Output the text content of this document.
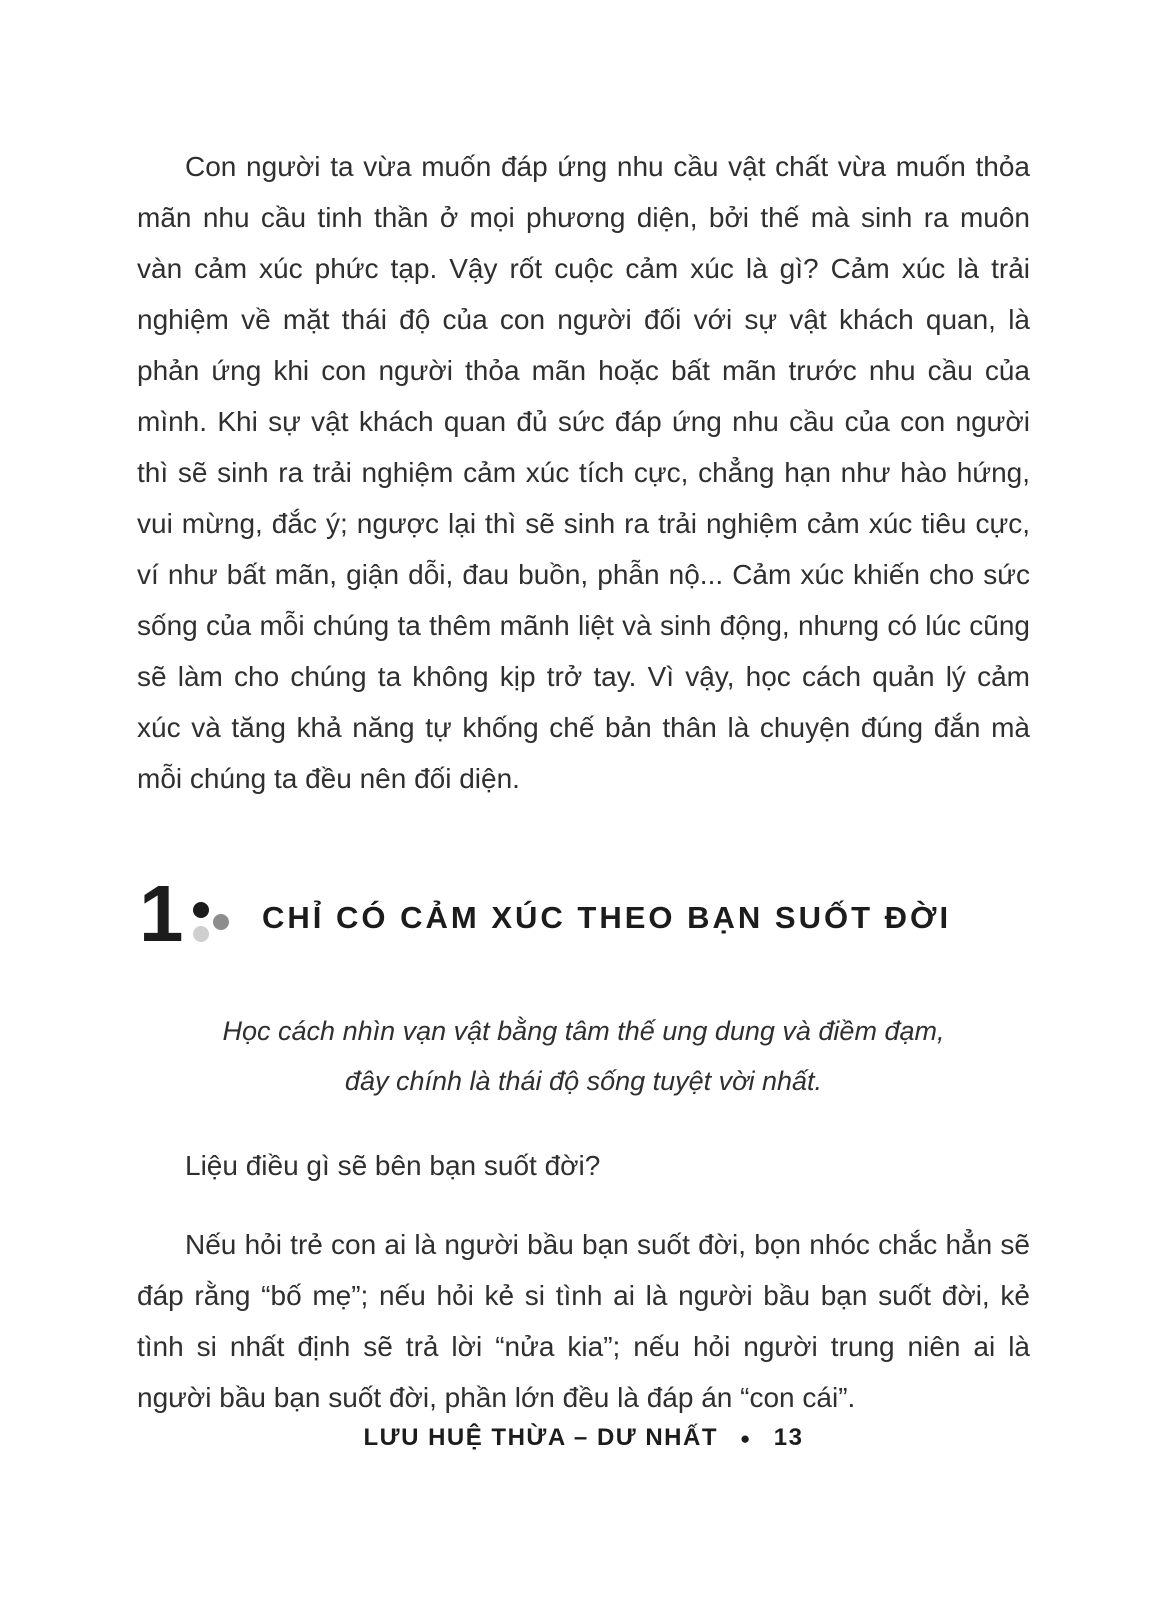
Con người ta vừa muốn đáp ứng nhu cầu vật chất vừa muốn thỏa mãn nhu cầu tinh thần ở mọi phương diện, bởi thế mà sinh ra muôn vàn cảm xúc phức tạp. Vậy rốt cuộc cảm xúc là gì? Cảm xúc là trải nghiệm về mặt thái độ của con người đối với sự vật khách quan, là phản ứng khi con người thỏa mãn hoặc bất mãn trước nhu cầu của mình. Khi sự vật khách quan đủ sức đáp ứng nhu cầu của con người thì sẽ sinh ra trải nghiệm cảm xúc tích cực, chẳng hạn như hào hứng, vui mừng, đắc ý; ngược lại thì sẽ sinh ra trải nghiệm cảm xúc tiêu cực, ví như bất mãn, giận dỗi, đau buồn, phẫn nộ... Cảm xúc khiến cho sức sống của mỗi chúng ta thêm mãnh liệt và sinh động, nhưng có lúc cũng sẽ làm cho chúng ta không kịp trở tay. Vì vậy, học cách quản lý cảm xúc và tăng khả năng tự khống chế bản thân là chuyện đúng đắn mà mỗi chúng ta đều nên đối diện.

1	CHỈ CÓ CẢM XÚC THEO BẠN SUỐT ĐỜI
Học cách nhìn vạn vật bằng tâm thế ung dung và điềm đạm,
đây chính là thái độ sống tuyệt vời nhất.

Liệu điều gì sẽ bên bạn suốt đời?

Nếu hỏi trẻ con ai là người bầu bạn suốt đời, bọn nhóc chắc hẳn sẽ đáp rằng “bố mẹ”; nếu hỏi kẻ si tình ai là người bầu bạn suốt đời, kẻ tình si nhất định sẽ trả lời “nửa kia”; nếu hỏi người trung niên ai là người bầu bạn suốt đời, phần lớn đều là đáp án “con cái”.

LƯU HUỆ THỪA – DƯ NHẤT ● 13
